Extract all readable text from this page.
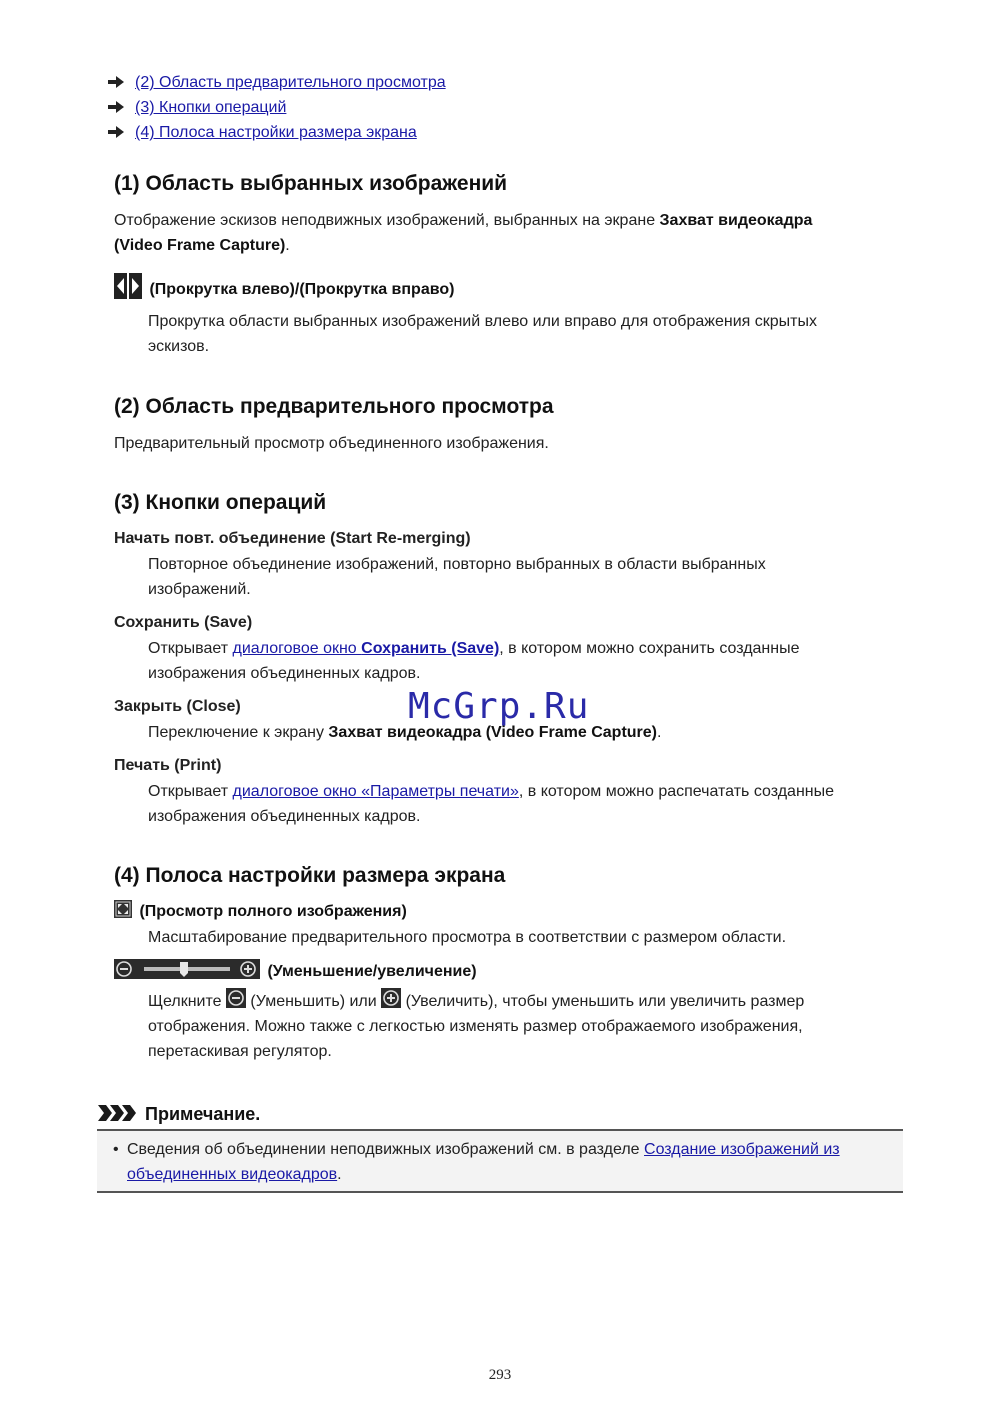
(2) Область предварительного просмотра
(3) Кнопки операций
(4) Полоса настройки размера экрана
(1) Область выбранных изображений

Отображение эскизов неподвижных изображений, выбранных на экране Захват видеокадра
(Video Frame Capture).

(Прокрутка влево)/(Прокрутка вправо)

Прокрутка области выбранных изображений влево или вправо для отображения скрытых
эскизов.

(2) Область предварительного просмотра

Предварительный просмотр объединенного изображения.

(3) Кнопки операций

Начать повт. объединение (Start Re-merging)

Повторное объединение изображений, повторно выбранных в области выбранных
изображений.

Сохранить (Save)

Открывает диалоговое окно Сохранить (Save), в котором можно сохранить созданные
изображения объединенных кадров.

Закрыть (Close)

Переключение к экрану Захват видеокадра (Video Frame Capture).

Печать (Print)

Открывает диалоговое окно «Параметры печати», в котором можно распечатать созданные
изображения объединенных кадров.

(4) Полоса настройки размера экрана
(Просмотр полного изображения)

Масштабирование предварительного просмотра в соответствии с размером области.

(Уменьшение/увеличение)

Щелкните  (Уменьшить) или  (Увеличить), чтобы уменьшить или увеличить размер
отображения. Можно также с легкостью изменять размер отображаемого изображения,
перетаскивая регулятор.

Примечание.
• Сведения об объединении неподвижных изображений см. в разделе Создание изображений из
объединенных видеокадров.
McGrp.Ru
293
